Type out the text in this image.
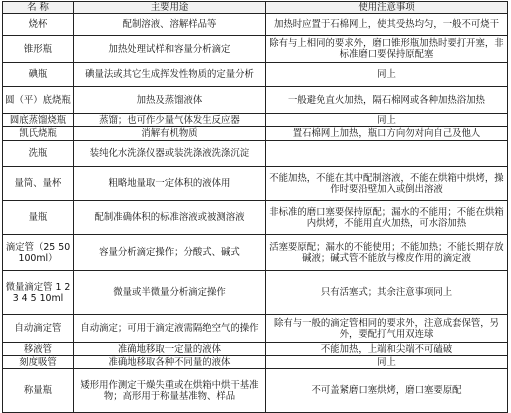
名 称	主要用途	使用注意事项
烧杯	配制溶液、溶解样品等	加热时应置于石棉网上，使其受热均匀，一般不可烧干
锥形瓶	加热处理试样和容量分析滴定	除有与上相同的要求外，磨口锥形瓶加热时要打开塞，非标准磨口要保持原配塞
碘瓶	碘量法或其它生成挥发性物质的定量分析	同上
圆（平）底烧瓶	加热及蒸馏液体	一般避免直火加热，隔石棉网或各种加热浴加热
圆底蒸馏烧瓶	蒸馏；也可作少量气体发生反应器	同上
凯氏烧瓶	消解有机物质	置石棉网上加热，瓶口方向勿对向自己及他人
洗瓶	装纯化水洗涤仪器或装洗涤液洗涤沉淀	
量筒、量杯	粗略地量取一定体积的液体用	不能加热，不能在其中配制溶液，不能在烘箱中烘烤，操作时要沿壁加入或倒出溶液
量瓶	配制准确体积的标准溶液或被测溶液	非标准的磨口塞要保持原配；漏水的不能用；不能在烘箱内烘烤，不能用直火加热，可水浴加热
滴定管（25 50 100ml）	容量分析滴定操作；分酸式、碱式	活塞要原配；漏水的不能使用；不能加热；不能长期存放碱液；碱式管不能放与橡皮作用的滴定液
微量滴定管 1 2 3 4 5 10ml	微量或半微量分析滴定操作	只有活塞式；其余注意事项同上
自动滴定管	自动滴定；可用于滴定液需隔绝空气的操作	除有与一般的滴定管相同的要求外，注意成套保管，另外，要配打气用双连球
移液管	准确地移取一定量的液体	不能加热，上端和尖端不可磕破
刻度吸管	准确地移取各种不同量的液体	同上
称量瓶	矮形用作测定干燥失重或在烘箱中烘干基准物；高形用于称量基准物、样品	不可盖紧磨口塞烘烤，磨口塞要原配
